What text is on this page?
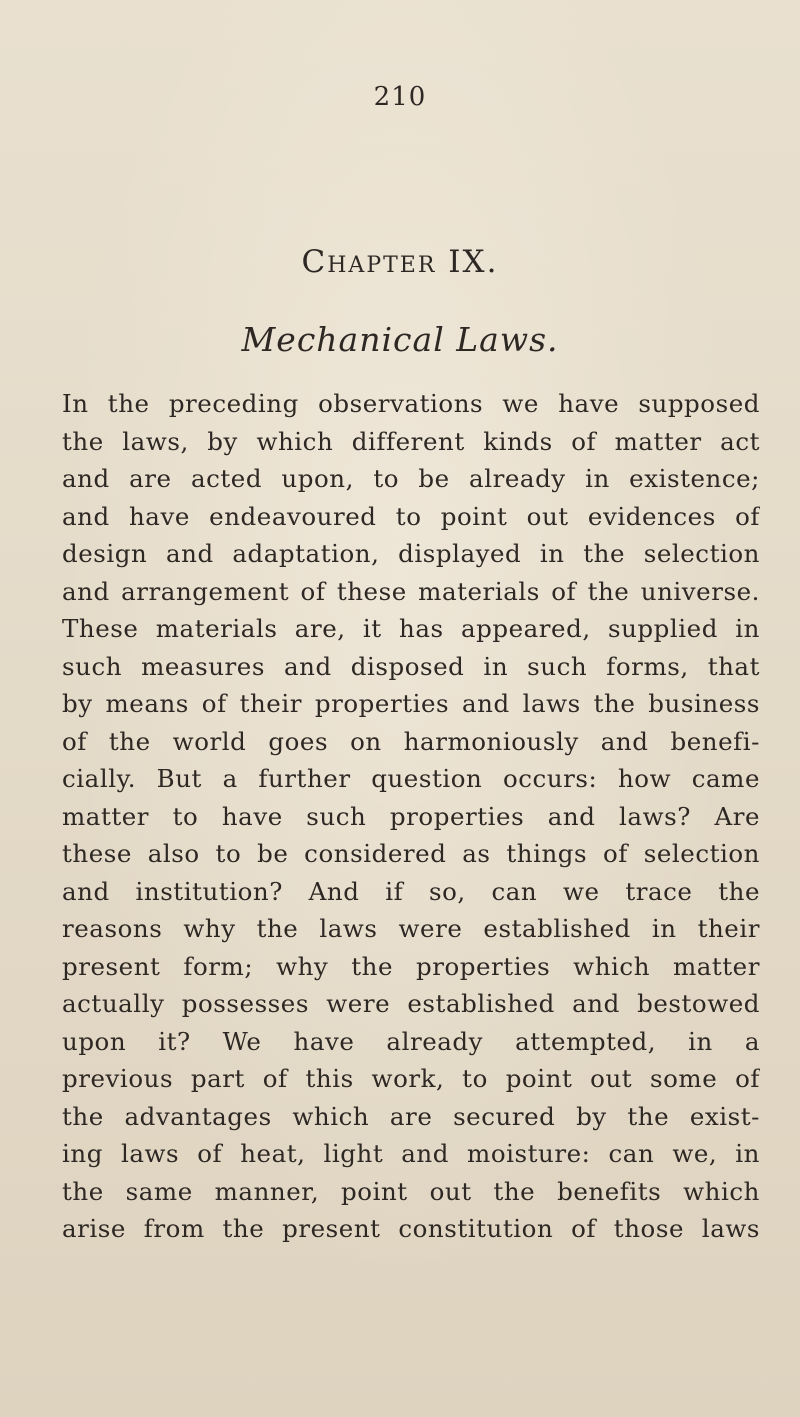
210
Chapter IX.
Mechanical Laws.
In the preceding observations we have supposed
the laws, by which different kinds of matter act
and are acted upon, to be already in existence;
and have endeavoured to point out evidences of
design and adaptation, displayed in the selection
and arrangement of these materials of the universe.
These materials are, it has appeared, supplied in
such measures and disposed in such forms, that
by means of their properties and laws the business
of the world goes on harmoniously and benefi-
cially. But a further question occurs: how came
matter to have such properties and laws? Are
these also to be considered as things of selection
and institution? And if so, can we trace the
reasons why the laws were established in their
present form; why the properties which matter
actually possesses were established and bestowed
upon it? We have already attempted, in a
previous part of this work, to point out some of
the advantages which are secured by the exist-
ing laws of heat, light and moisture: can we, in
the same manner, point out the benefits which
arise from the present constitution of those laws
